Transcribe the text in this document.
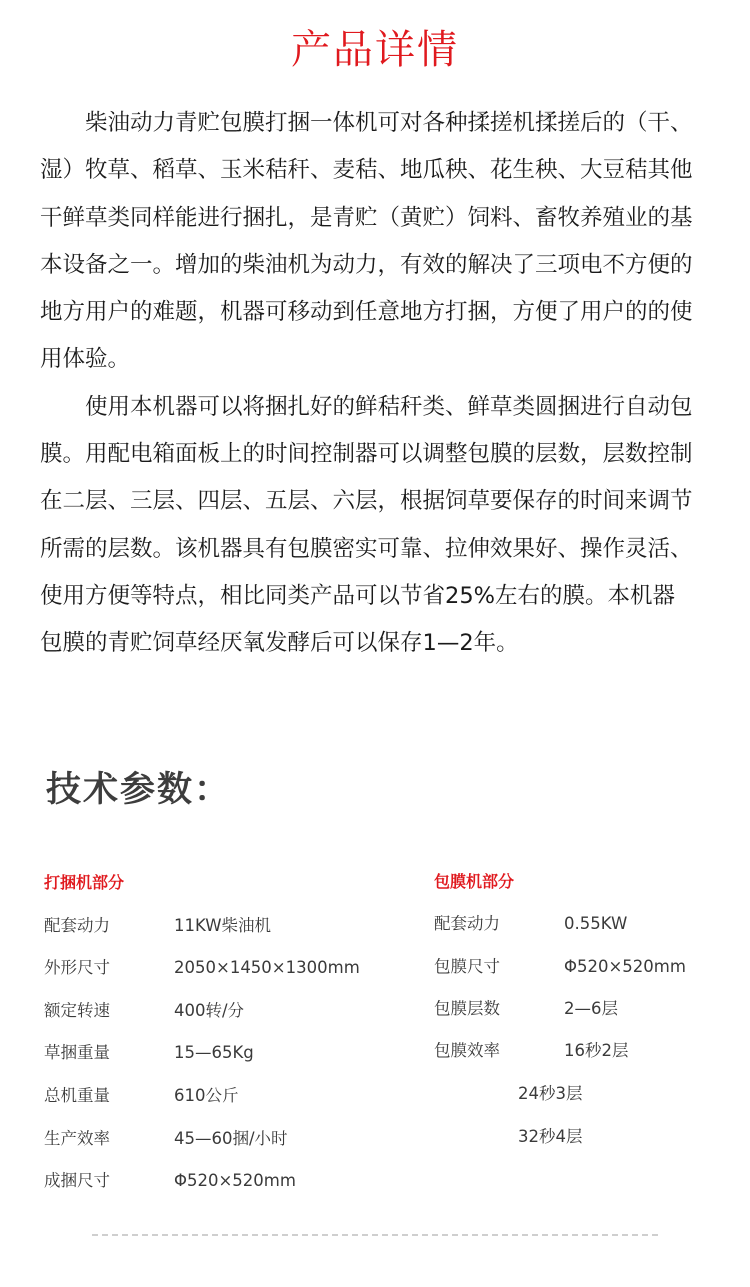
产品详情

柴油动力青贮包膜打捆一体机可对各种揉搓机揉搓后的（干、湿）牧草、稻草、玉米秸秆、麦秸、地瓜秧、花生秧、大豆秸其他干鲜草类同样能进行捆扎，是青贮（黄贮）饲料、畜牧养殖业的基本设备之一。增加的柴油机为动力，有效的解决了三项电不方便的地方用户的难题，机器可移动到任意地方打捆，方便了用户的的使用体验。

使用本机器可以将捆扎好的鲜秸秆类、鲜草类圆捆进行自动包膜。用配电箱面板上的时间控制器可以调整包膜的层数，层数控制在二层、三层、四层、五层、六层，根据饲草要保存的时间来调节所需的层数。该机器具有包膜密实可靠、拉伸效果好、操作灵活、使用方便等特点，相比同类产品可以节省25%左右的膜。本机器包膜的青贮饲草经厌氧发酵后可以保存1—2年。

技术参数：
打捆机部分
配套动力	11KW柴油机
外形尺寸	2050×1450×1300mm
额定转速	400转/分
草捆重量	15—65Kg
总机重量	610公斤
生产效率	45—60捆/小时
成捆尺寸	Φ520×520mm
包膜机部分
配套动力	0.55KW
包膜尺寸	Φ520×520mm
包膜层数	2—6层
包膜效率	16秒2层
24秒3层
32秒4层
